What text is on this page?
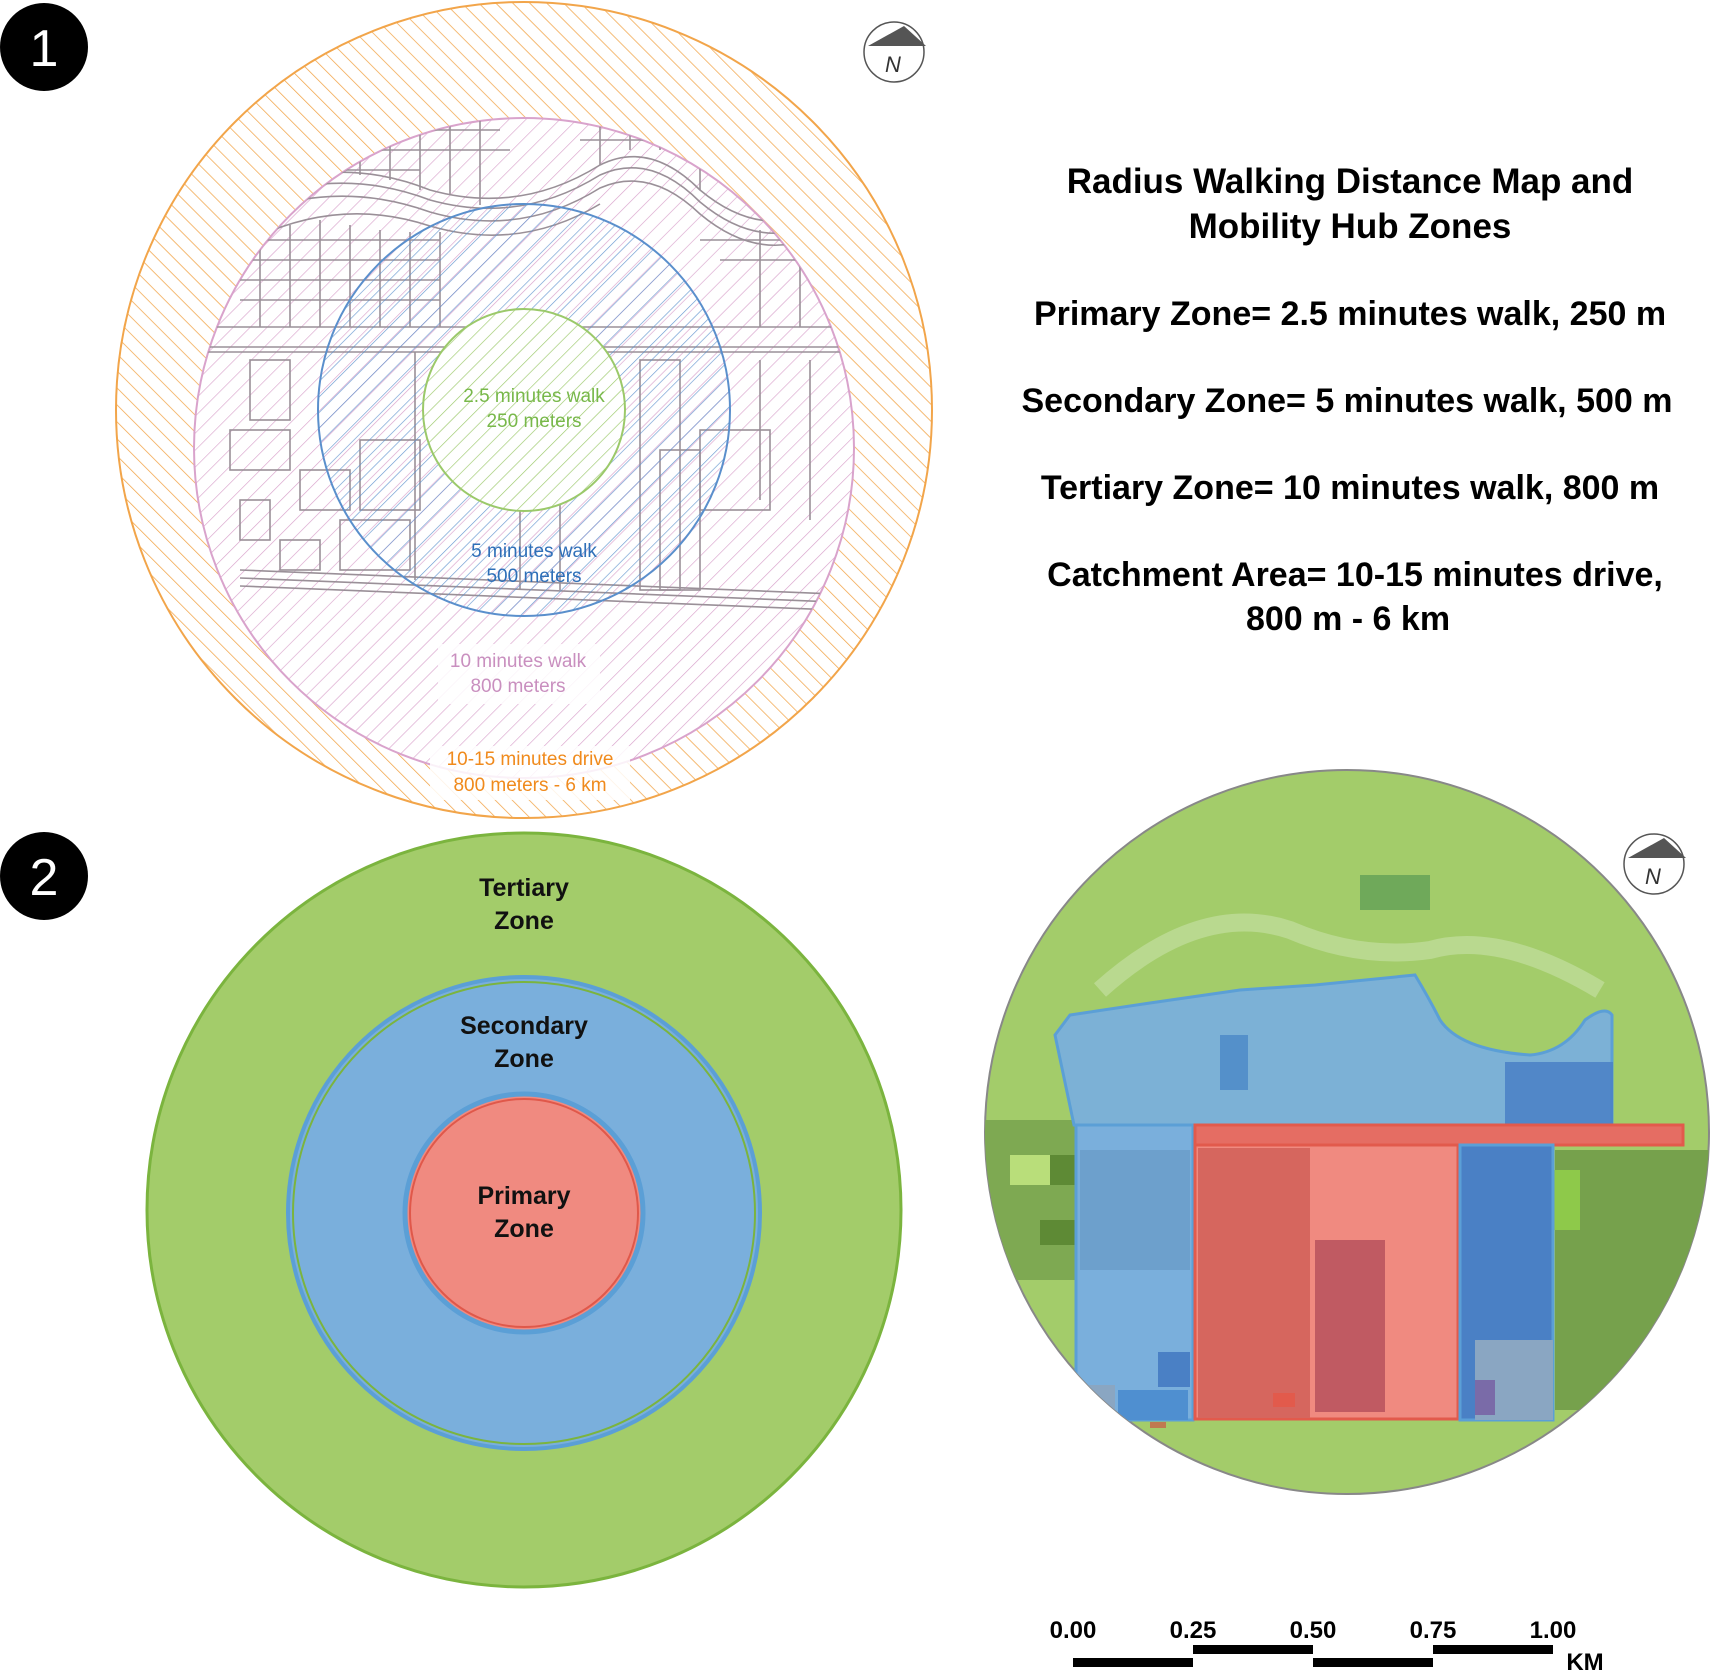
1
2.5 minutes walk
250 meters
5 minutes walk
500 meters
10 minutes walk
800 meters
10-15 minutes drive
800 meters - 6 km
N
Radius Walking Distance Map and
Mobility Hub Zones
Primary Zone= 2.5 minutes walk, 250 m
Secondary Zone= 5 minutes walk, 500 m
Tertiary Zone= 10 minutes walk, 800 m
Catchment Area= 10-15 minutes drive,
800 m - 6 km
2	Tertiary
Zone
Secondary
Zone
Primary
Zone
N
0.00	0.25	0.50	0.75	1.00
KM
